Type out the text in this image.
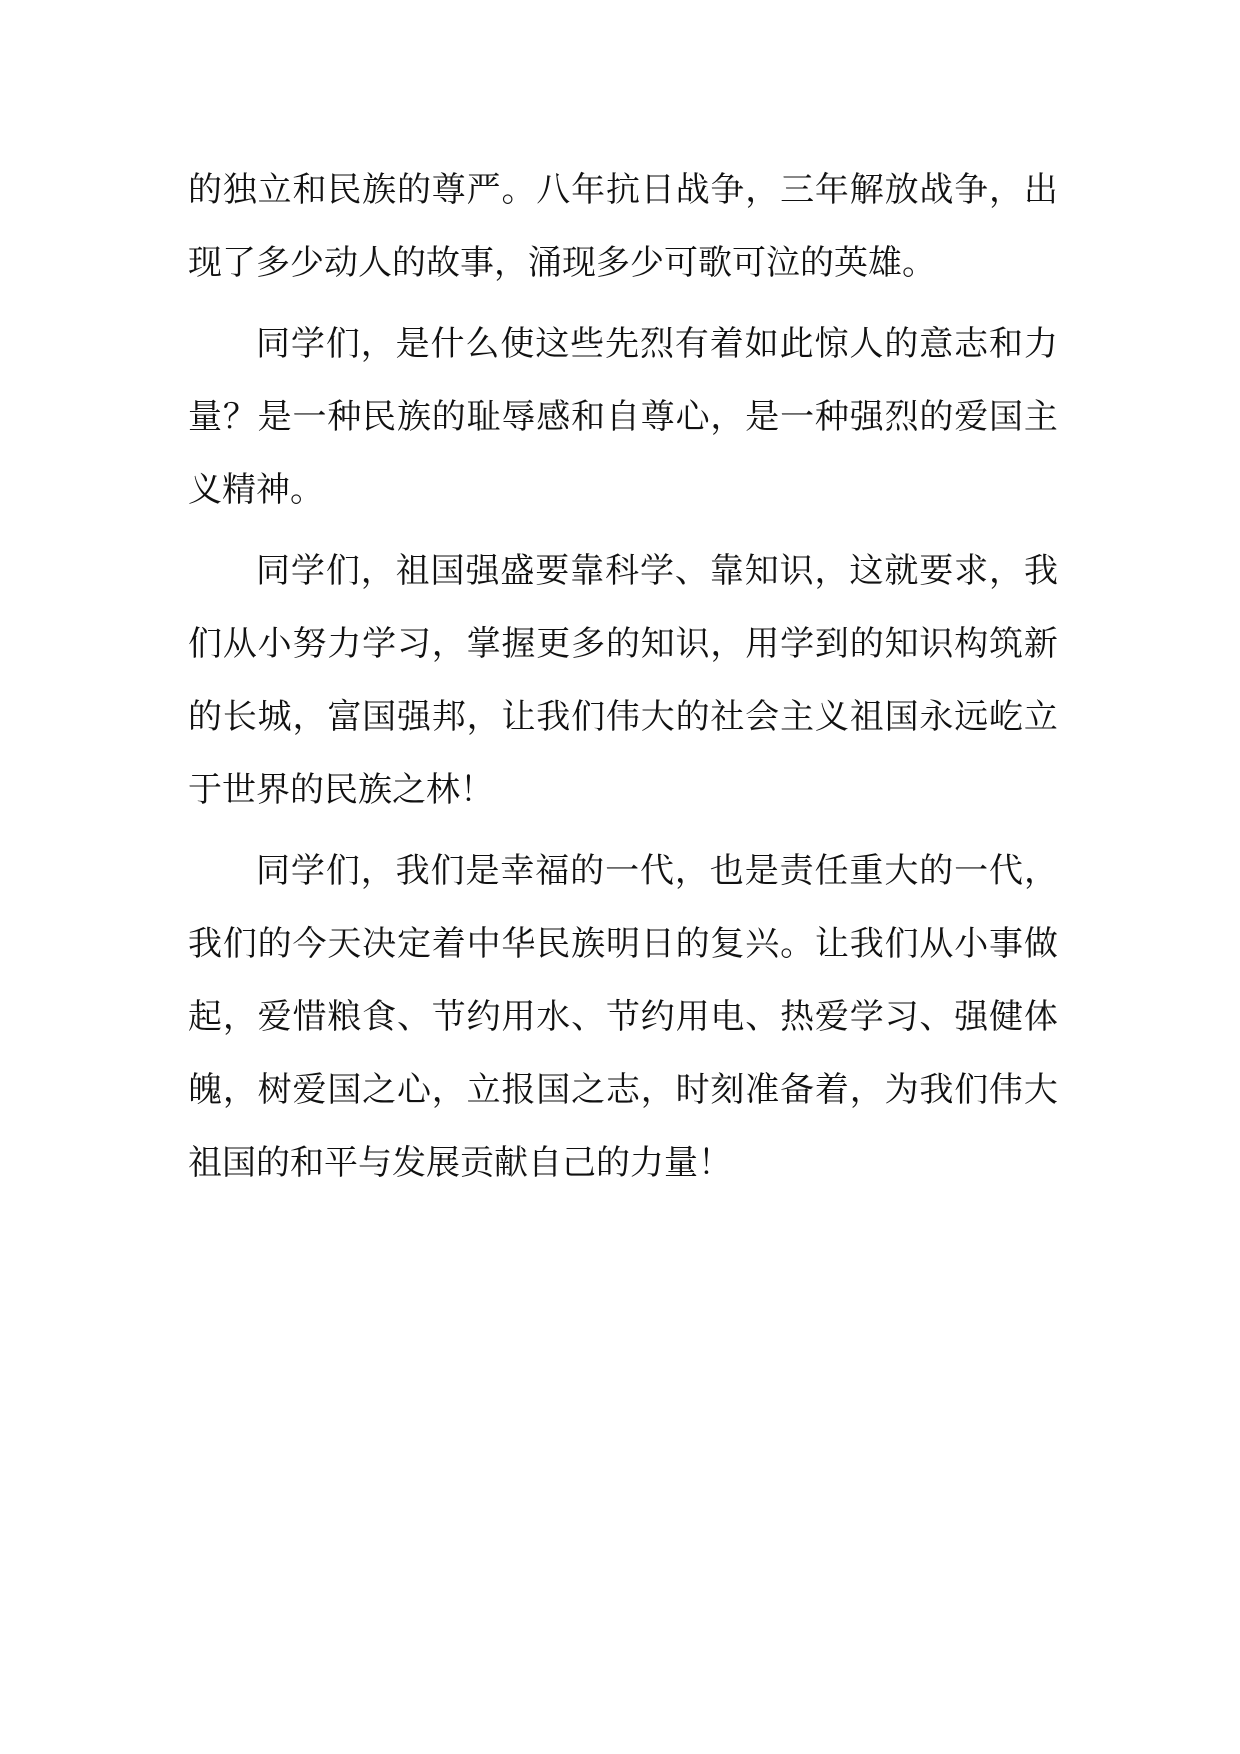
的 独 立 和 民 族 的 尊 严 。 八 年 抗 日 战 争 ， 三 年 解 放 战 争 ， 出
现 了 多 少 动 人 的 故 事 ， 涌 现 多 少 可 歌 可 泣 的 英 雄 。
同 学 们 ， 是 什 么 使 这 些 先 烈 有 着 如 此 惊 人 的 意 志 和 力
量 ？ 是 一 种 民 族 的 耻 辱 感 和 自 尊 心 ， 是 一 种 强 烈 的 爱 国 主
义 精 神 。
同 学 们 ， 祖 国 强 盛 要 靠 科 学 、 靠 知 识 ， 这 就 要 求 ， 我
们 从 小 努 力 学 习 ， 掌 握 更 多 的 知 识 ， 用 学 到 的 知 识 构 筑 新
的 长 城 ， 富 国 强 邦 ， 让 我 们 伟 大 的 社 会 主 义 祖 国 永 远 屹 立
于 世 界 的 民 族 之 林 ！
同 学 们 ， 我 们 是 幸 福 的 一 代 ， 也 是 责 任 重 大 的 一 代 ，
我 们 的 今 天 决 定 着 中 华 民 族 明 日 的 复 兴 。 让 我 们 从 小 事 做
起 ， 爱 惜 粮 食 、 节 约 用 水 、 节 约 用 电 、 热 爱 学 习 、 强 健 体
魄 ， 树 爱 国 之 心 ， 立 报 国 之 志 ， 时 刻 准 备 着 ， 为 我 们 伟 大
祖 国 的 和 平 与 发 展 贡 献 自 己 的 力 量 ！
